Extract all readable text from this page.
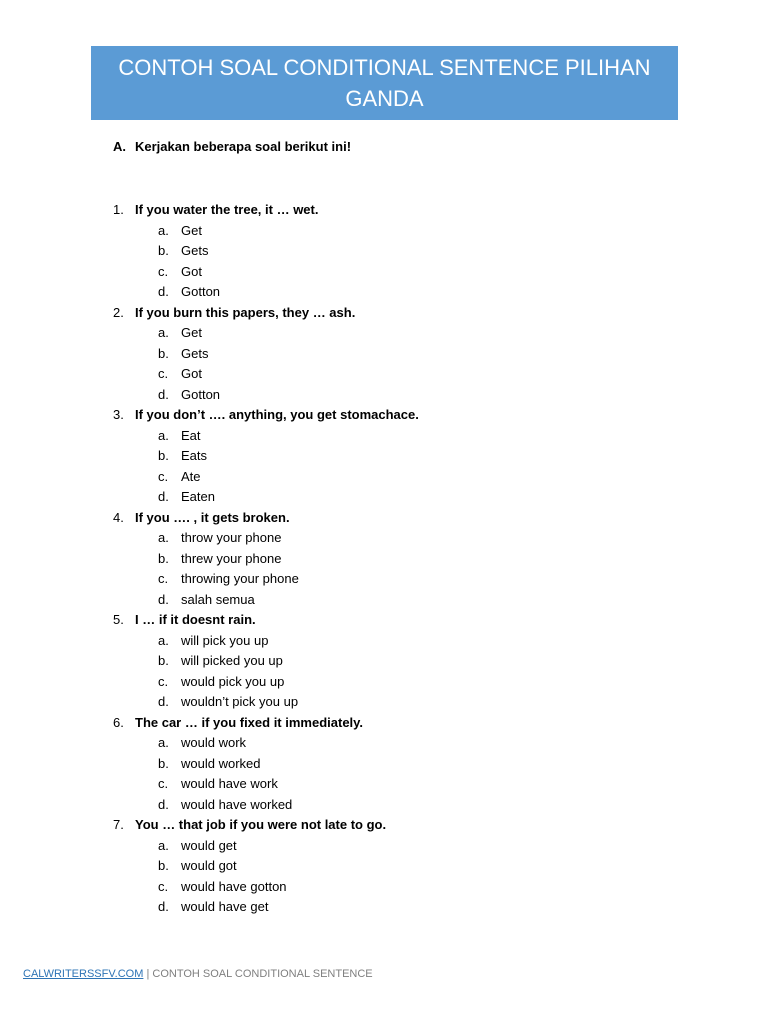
CONTOH SOAL CONDITIONAL SENTENCE PILIHAN GANDA
A. Kerjakan beberapa soal berikut ini!
1. If you water the tree, it … wet.
a. Get
b. Gets
c. Got
d. Gotton
2. If you burn this papers, they … ash.
a. Get
b. Gets
c. Got
d. Gotton
3. If you don’t …. anything, you get stomachace.
a. Eat
b. Eats
c. Ate
d. Eaten
4. If you …. , it gets broken.
a. throw your phone
b. threw your phone
c. throwing your phone
d. salah semua
5. I … if it doesnt rain.
a. will pick you up
b. will picked you up
c. would pick you up
d. wouldn’t pick you up
6. The car … if you fixed it immediately.
a. would work
b. would worked
c. would have work
d. would have worked
7. You … that job if you were not late to go.
a. would get
b. would got
c. would have gotton
d. would have get
CALWRITERSSFV.COM | CONTOH SOAL CONDITIONAL SENTENCE
